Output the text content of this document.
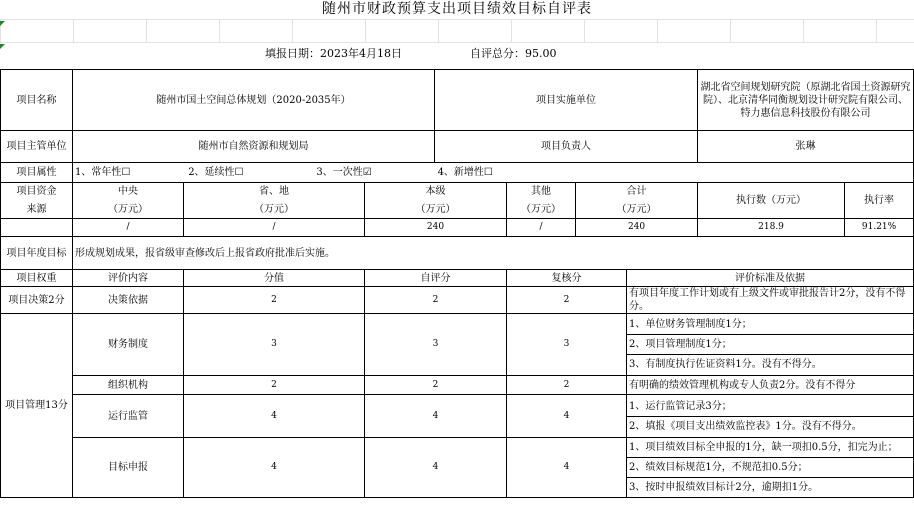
随州市财政预算支出项目绩效目标自评表
填报日期：2023年4月18日	自评总分：95.00
项目名称	随州市国土空间总体规划（2020-2035年）			项目实施单位				湖北省空间规划研究院（原湖北省国土资源研究院）、北京清华同衡规划设计研究院有限公司、特力惠信息科技股份有限公司	
项目主管单位	随州市自然资源和规划局			项目负责人				张琳	
项目属性	1、常年性☐ 2、延续性☐ 3、一次性☑ 4、新增性☐								
项目资金	中央	省、地	本级		其他	合计		执行数（万元）	执行率
来源	（万元）	（万元）	（万元）		（万元）	（万元）			
	/	/	240		/	240		218.9	91.21%
项目年度目标	形成规划成果，报省级审查修改后上报省政府批准后实施。								
项目权重	评价内容	分值	自评分		复核分		评价标准及依据		
项目决策2分	决策依据	2	2		2		有项目年度工作计划或有上级文件或审批报告计2分，没有不得分。		
项目管理13分	财务制度	3	3		3		1、单位财务管理制度1分；
2、项目管理制度1分；
3、有制度执行佐证资料1分。没有不得分。		

	组织机构	2	2		2		有明确的绩效管理机构或专人负责2分。没有不得分		
	运行监管	4	4		4		1、运行监管记录3分；
2、填报《项目支出绩效监控表》1分。没有不得分。		

	目标申报	4	4		4		1、项目绩效目标全申报的1分，缺一项扣0.5分，扣完为止；
2、绩效目标规范1分，不规范扣0.5分；
3、按时申报绩效目标计2分，逾期扣1分。		
